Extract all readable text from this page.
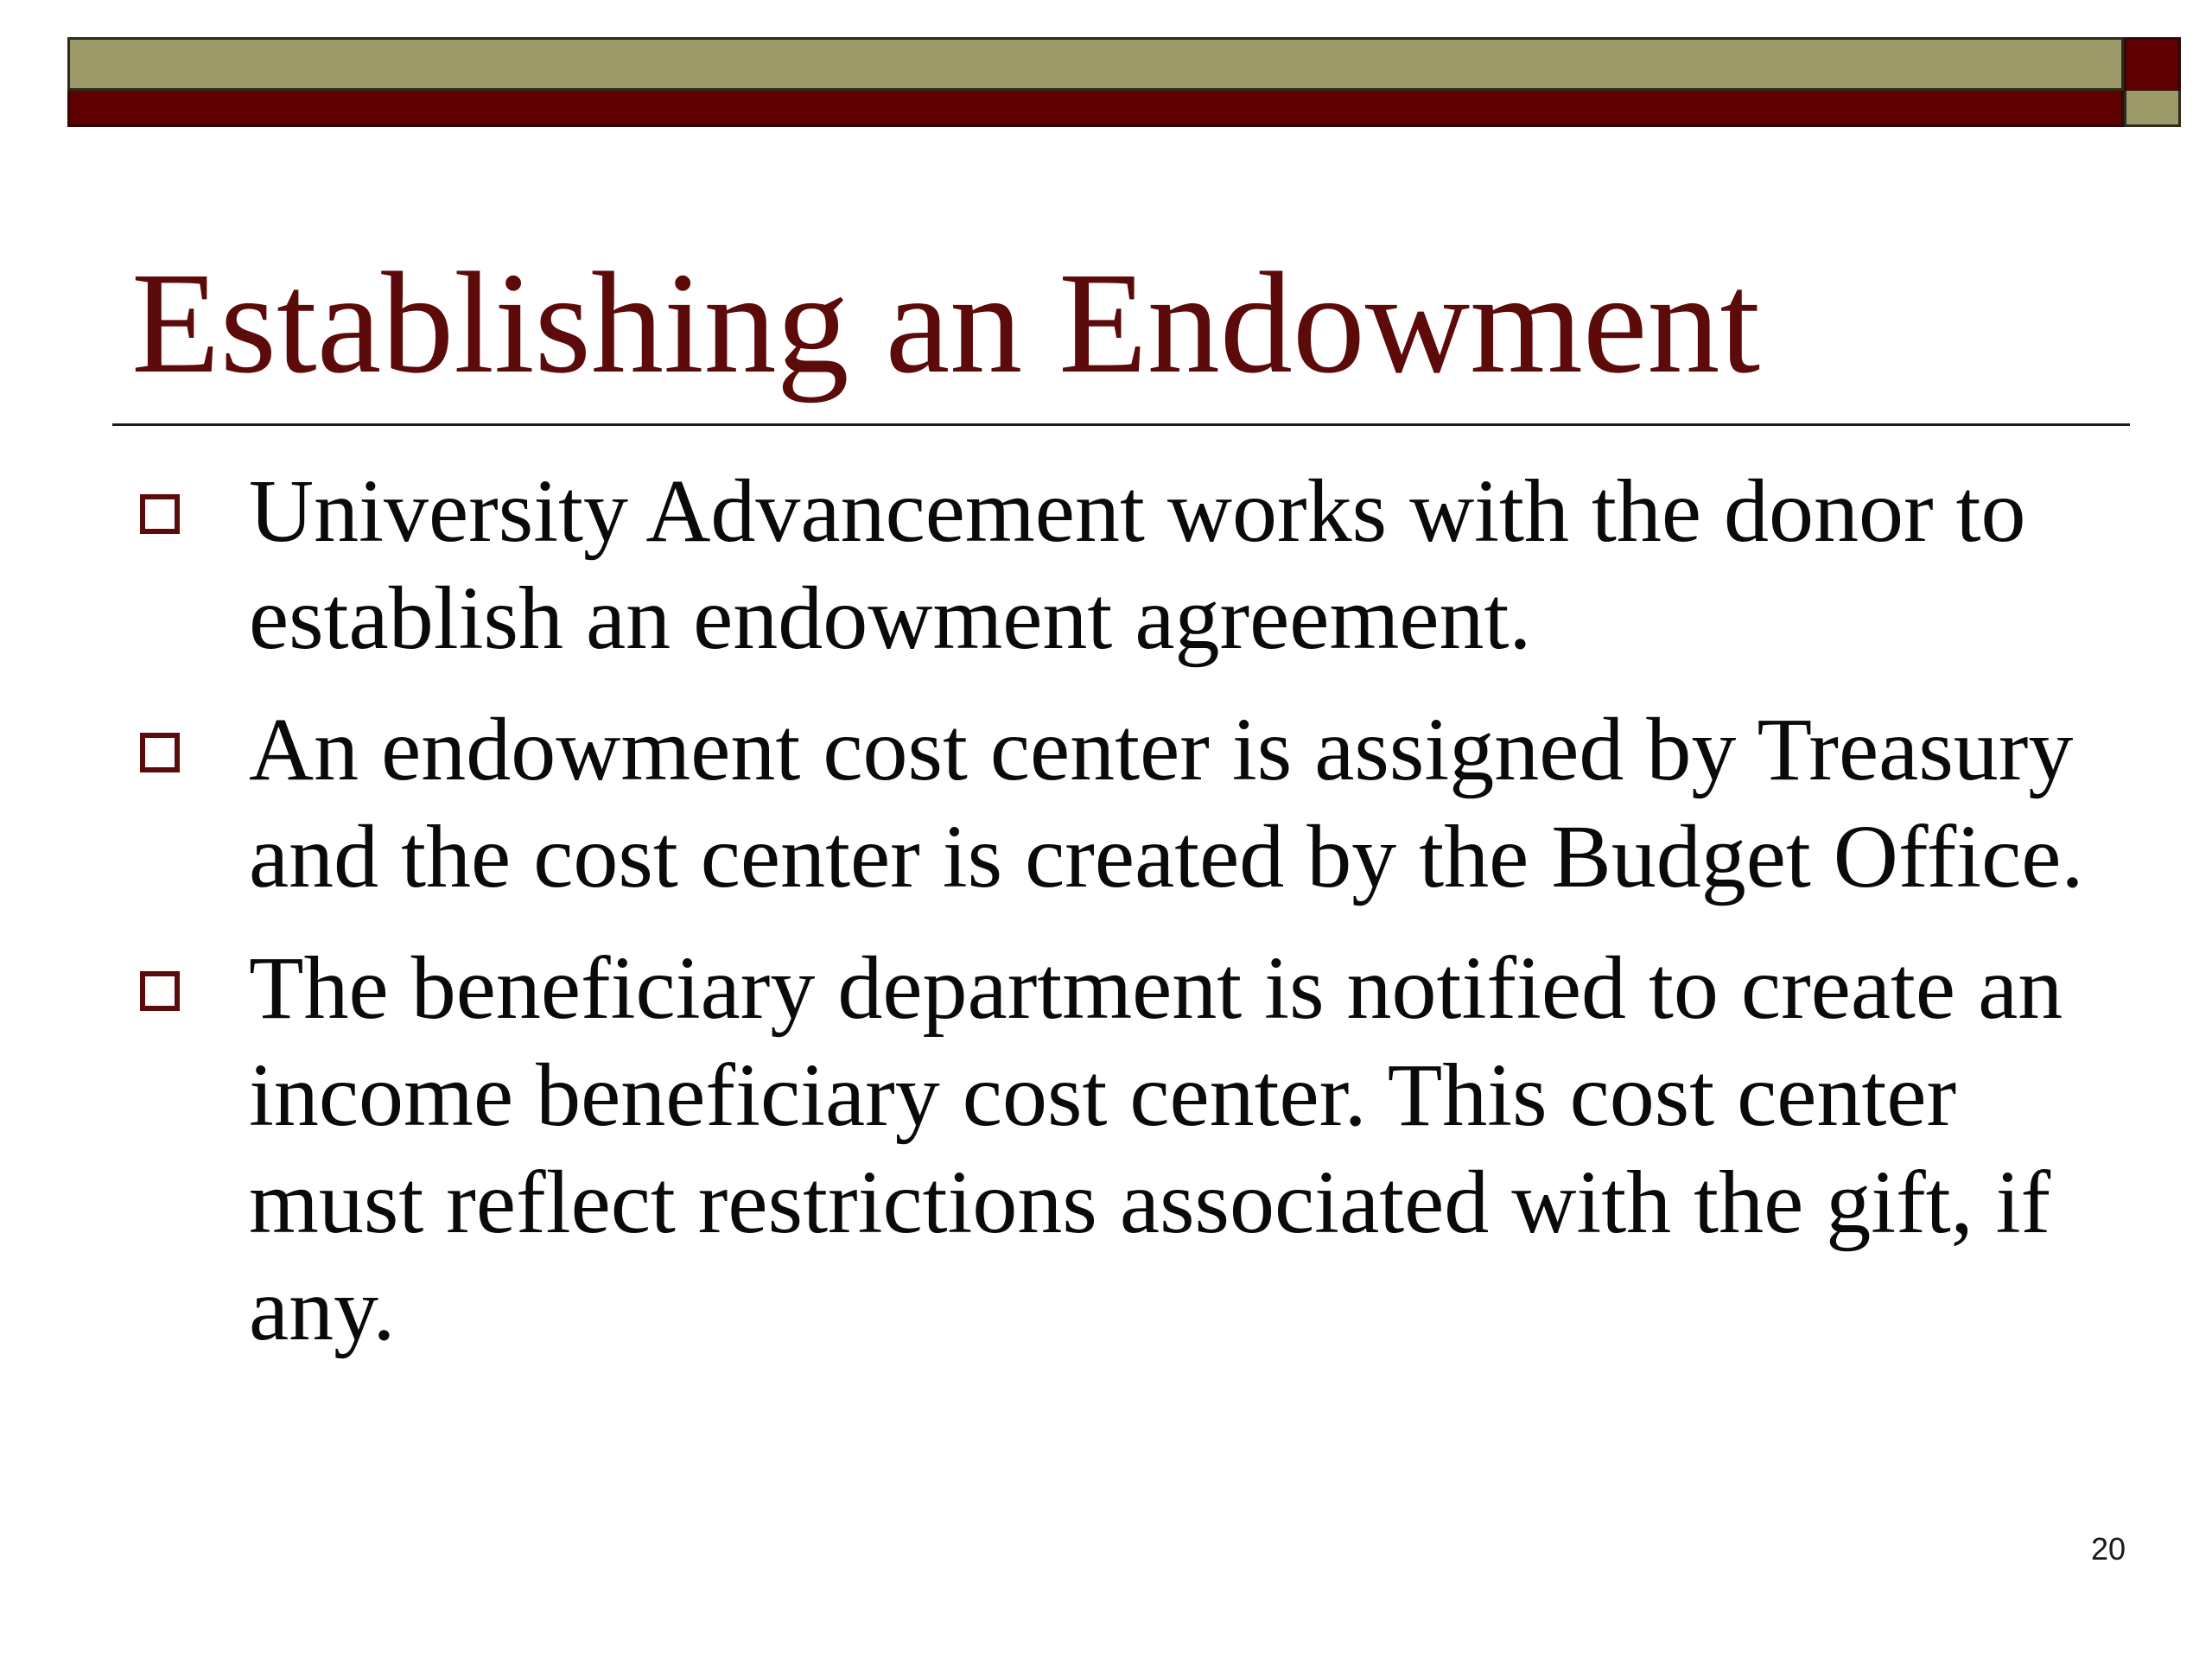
Establishing an Endowment
University Advancement works with the donor to establish an endowment agreement.
An endowment cost center is assigned by Treasury and the cost center is created by the Budget Office.
The beneficiary department is notified to create an income beneficiary cost center. This cost center must reflect restrictions associated with the gift, if any.
20
